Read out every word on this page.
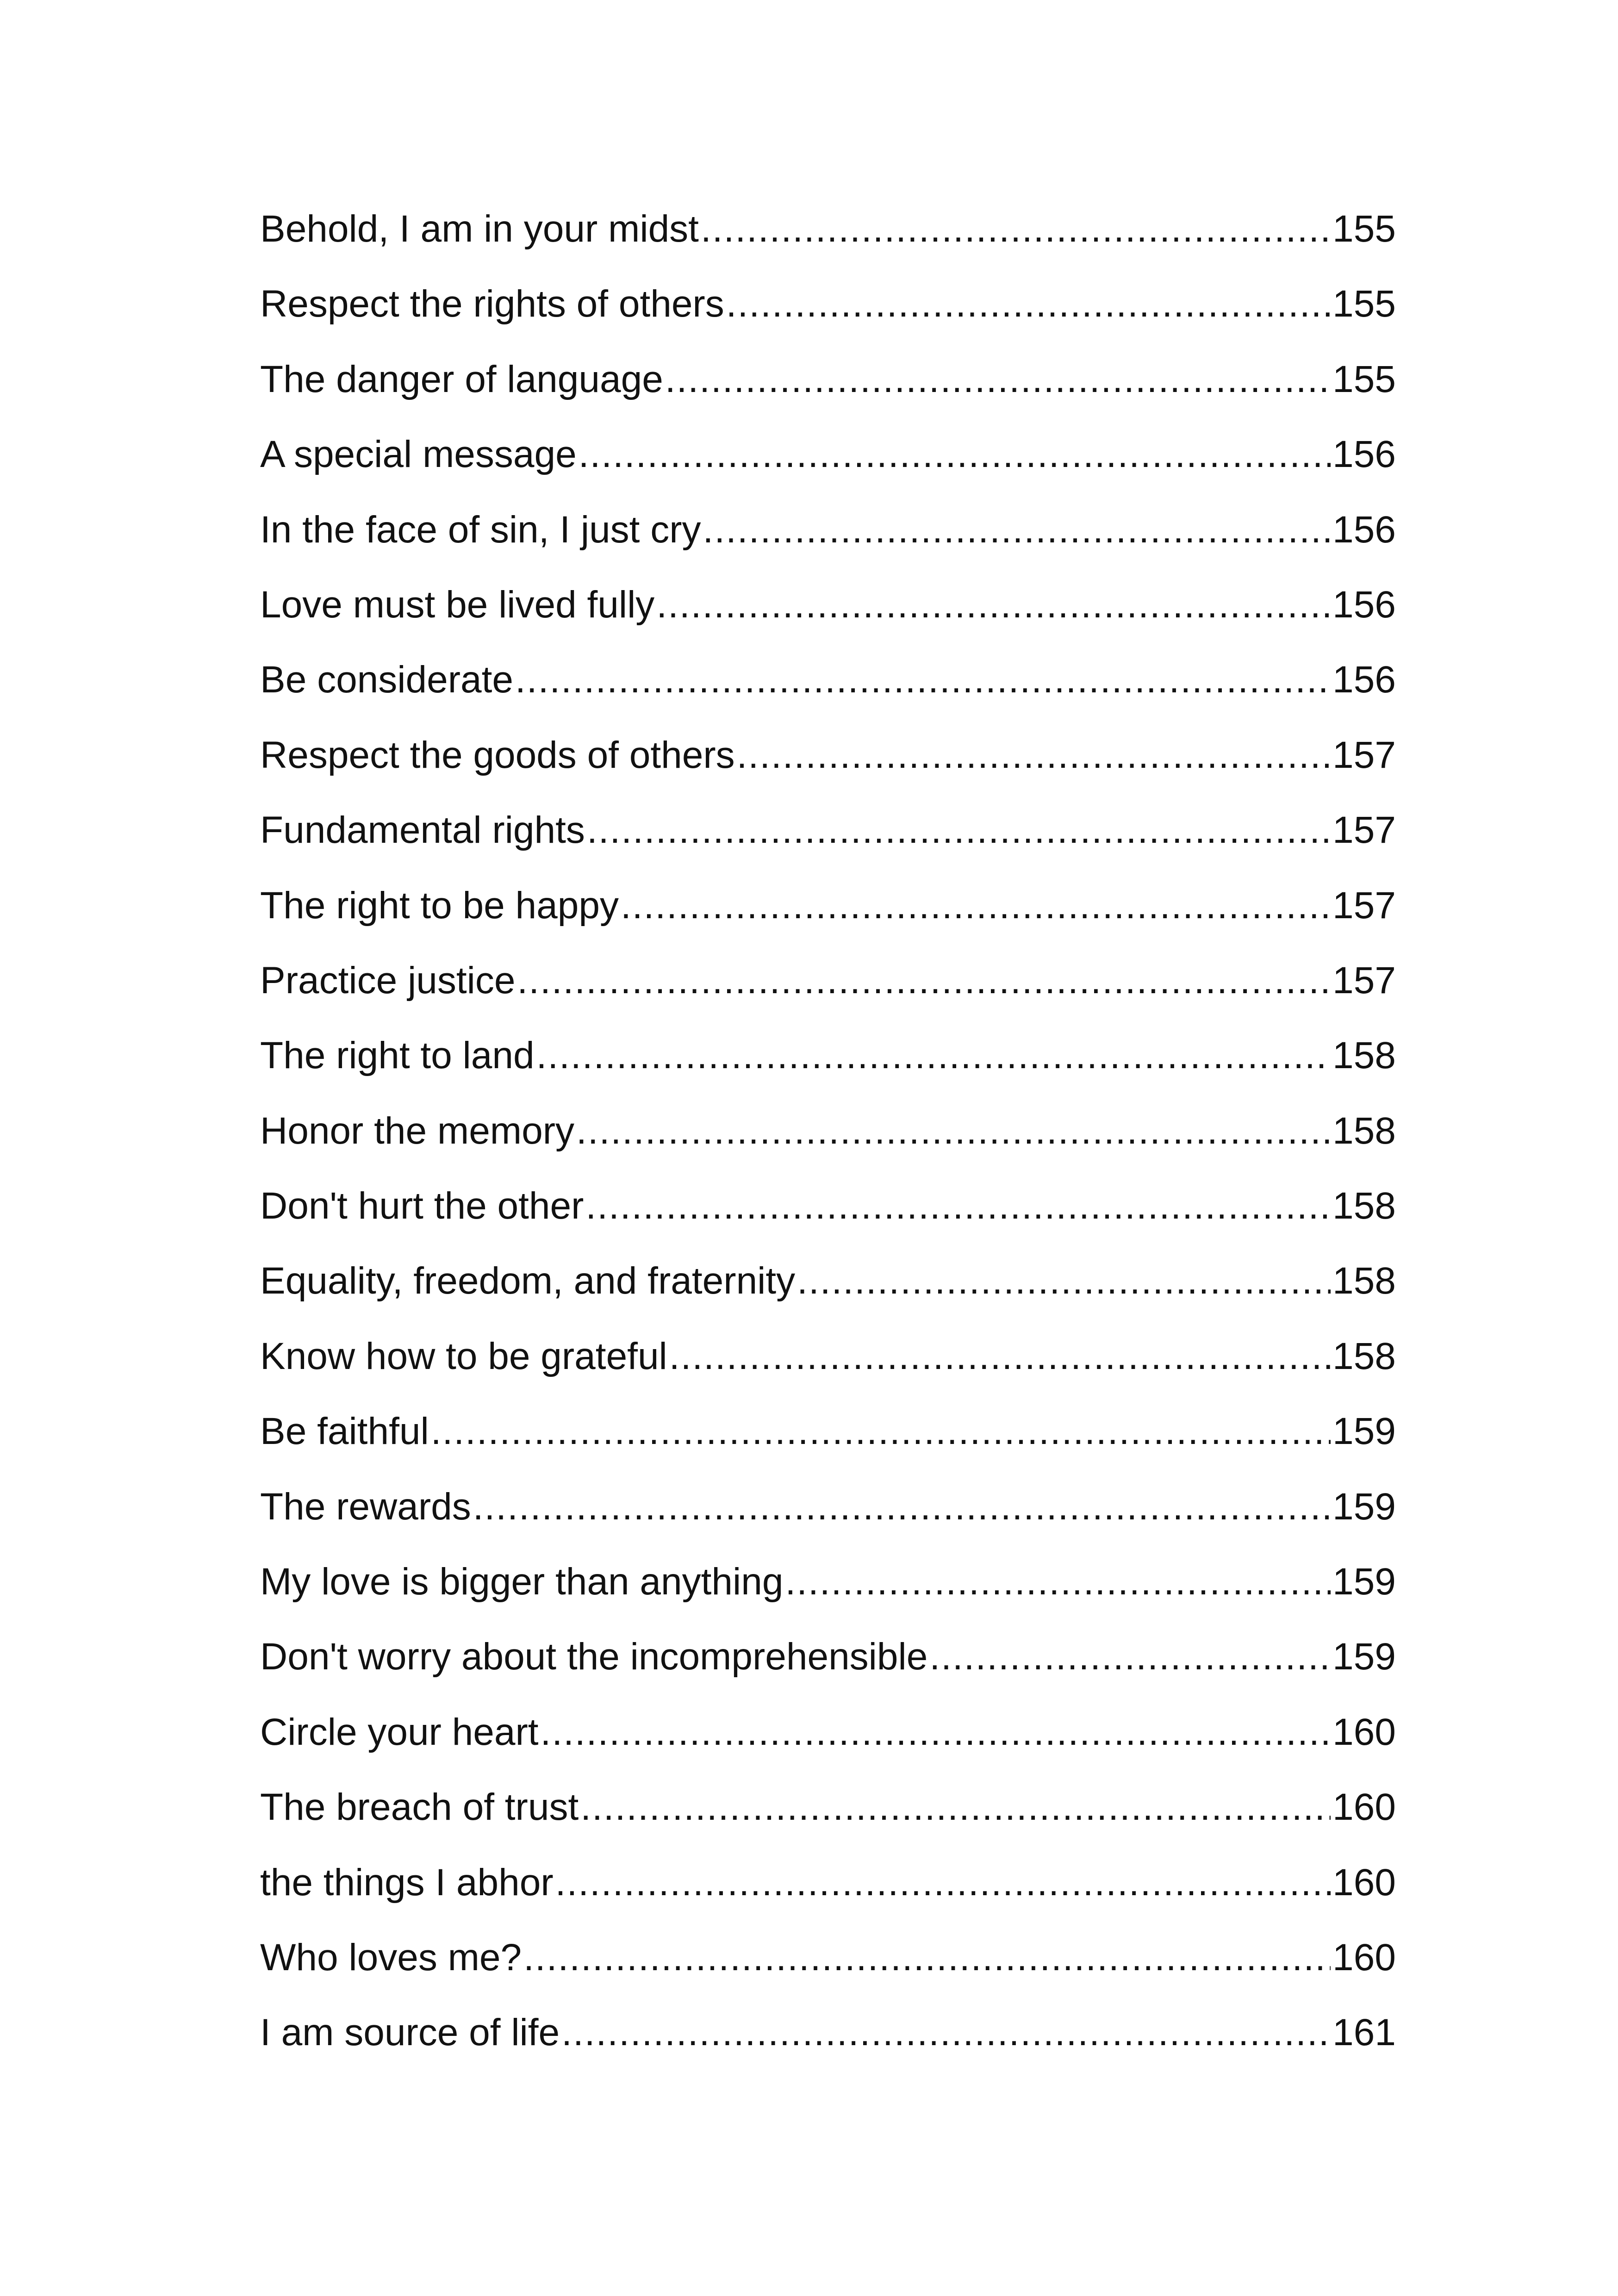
Behold, I am in your midst .....	155
Respect the rights of others .....	155
The danger of language .....	155
A special message .....	156
In the face of sin, I just cry .....	156
Love must be lived fully .....	156
Be considerate .....	156
Respect the goods of others .....	157
Fundamental rights .....	157
The right to be happy .....	157
Practice justice .....	157
The right to land .....	158
Honor the memory .....	158
Don't hurt the other .....	158
Equality, freedom, and fraternity .....	158
Know how to be grateful .....	158
Be faithful .....	159
The rewards .....	159
My love is bigger than anything .....	159
Don't worry about the incomprehensible .....	159
Circle your heart .....	160
The breach of trust .....	160
the things I abhor .....	160
Who loves me? .....	160
I am source of life .....	161
